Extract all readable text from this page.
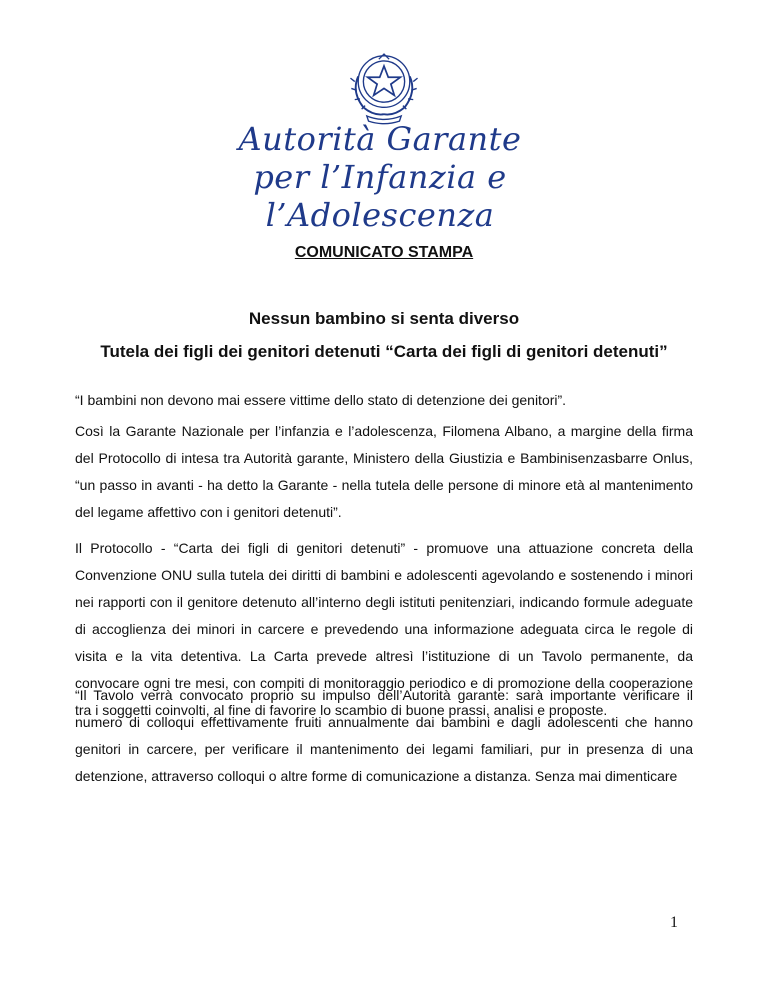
Autorità Garante
per l’Infanzia e l’Adolescenza
COMUNICATO STAMPA
Nessun bambino si senta diverso
Tutela dei figli dei genitori detenuti “Carta dei figli di genitori detenuti”
“I bambini non devono mai essere vittime dello stato di detenzione dei genitori”.
Così la Garante Nazionale per l’infanzia e l’adolescenza, Filomena Albano, a margine della firma del Protocollo di intesa tra Autorità garante, Ministero della Giustizia e Bambinisenzasbarre Onlus, “un passo in avanti - ha detto la Garante - nella tutela delle persone di minore età al mantenimento del legame affettivo con i genitori detenuti”.
Il Protocollo - “Carta dei figli di genitori detenuti” - promuove una attuazione concreta della Convenzione ONU sulla tutela dei diritti di bambini e adolescenti agevolando e sostenendo i minori nei rapporti con il genitore detenuto all’interno degli istituti penitenziari, indicando formule adeguate di accoglienza dei minori in carcere e prevedendo una informazione adeguata circa le regole di visita e la vita detentiva. La Carta prevede altresì l’istituzione di un Tavolo permanente, da convocare ogni tre mesi, con compiti di monitoraggio periodico e di promozione della cooperazione tra i soggetti coinvolti, al fine di favorire lo scambio di buone prassi, analisi e proposte.
“Il Tavolo verrà convocato proprio su impulso dell’Autorità garante: sarà importante verificare il numero di colloqui effettivamente fruiti annualmente dai bambini e dagli adolescenti che hanno genitori in carcere, per verificare il mantenimento dei legami familiari, pur in presenza di una detenzione, attraverso colloqui o altre forme di comunicazione a distanza. Senza mai dimenticare
1
